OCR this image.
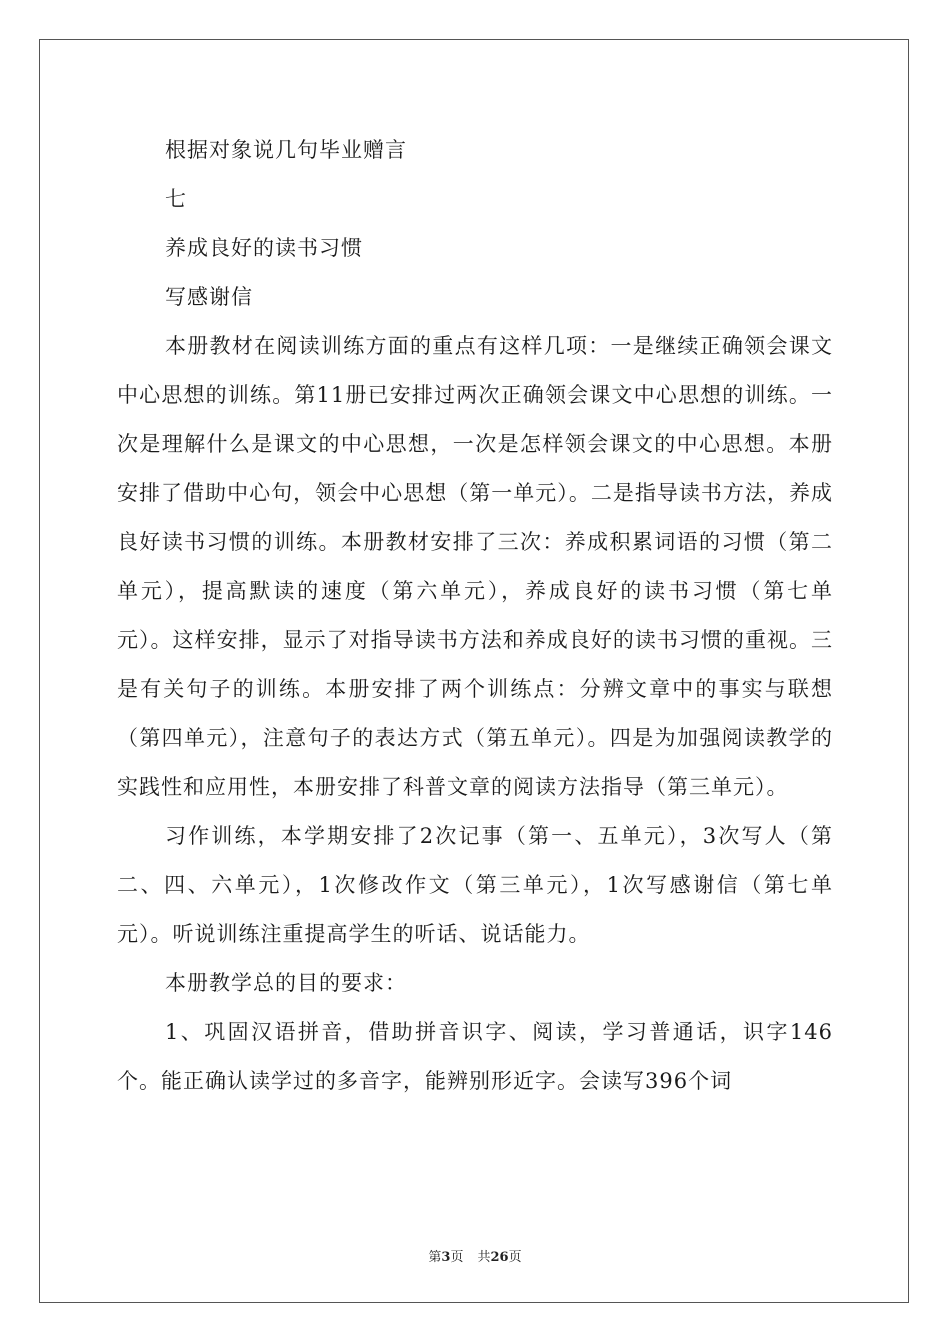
根据对象说几句毕业赠言

七

养成良好的读书习惯

写感谢信

本册教材在阅读训练方面的重点有这样几项：一是继续正确领会课文中心思想的训练。第11册已安排过两次正确领会课文中心思想的训练。一次是理解什么是课文的中心思想，一次是怎样领会课文的中心思想。本册安排了借助中心句，领会中心思想（第一单元）。二是指导读书方法，养成良好读书习惯的训练。本册教材安排了三次：养成积累词语的习惯（第二单元），提高默读的速度（第六单元），养成良好的读书习惯（第七单元）。这样安排，显示了对指导读书方法和养成良好的读书习惯的重视。三是有关句子的训练。本册安排了两个训练点：分辨文章中的事实与联想（第四单元），注意句子的表达方式（第五单元）。四是为加强阅读教学的实践性和应用性，本册安排了科普文章的阅读方法指导（第三单元）。

习作训练，本学期安排了2次记事（第一、五单元），3次写人（第二、四、六单元），1次修改作文（第三单元），1次写感谢信（第七单元）。听说训练注重提高学生的听话、说话能力。

本册教学总的目的要求：

1、巩固汉语拼音，借助拼音识字、阅读，学习普通话，识字146个。能正确认读学过的多音字，能辨别形近字。会读写396个词

第3页 共26页
